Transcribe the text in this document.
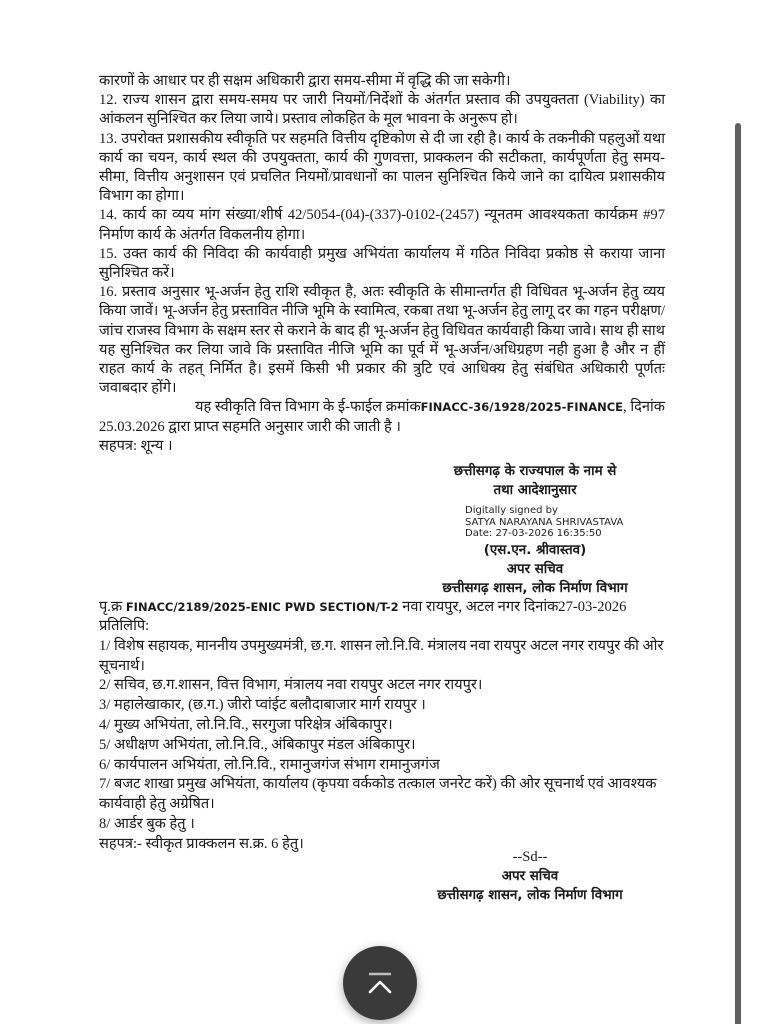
कारणों के आधार पर ही सक्षम अधिकारी द्वारा समय-सीमा में वृद्धि की जा सकेगी।

12. राज्य शासन द्वारा समय-समय पर जारी नियमों/निर्देशों के अंतर्गत प्रस्ताव की उपयुक्तता (Viability) का आंकलन सुनिश्चित कर लिया जाये। प्रस्ताव लोकहित के मूल भावना के अनुरूप हो।

13. उपरोक्त प्रशासकीय स्वीकृति पर सहमति वित्तीय दृष्टिकोण से दी जा रही है। कार्य के तकनीकी पहलुओं यथा कार्य का चयन, कार्य स्थल की उपयुक्तता, कार्य की गुणवत्ता, प्राक्कलन की सटीकता, कार्यपूर्णता हेतु समय-सीमा, वित्तीय अनुशासन एवं प्रचलित नियमों/प्रावधानों का पालन सुनिश्चित किये जाने का दायित्व प्रशासकीय विभाग का होगा।

14. कार्य का व्यय मांग संख्या/शीर्ष 42/5054-(04)-(337)-0102-(2457) न्यूनतम आवश्यकता कार्यक्रम #97 निर्माण कार्य के अंतर्गत विकलनीय होगा।

15. उक्त कार्य की निविदा की कार्यवाही प्रमुख अभियंता कार्यालय में गठित निविदा प्रकोष्ठ से कराया जाना सुनिश्चित करें।

16. प्रस्ताव अनुसार भू-अर्जन हेतु राशि स्वीकृत है, अतः स्वीकृति के सीमान्तर्गत ही विधिवत भू-अर्जन हेतु व्यय किया जावें। भू-अर्जन हेतु प्रस्तावित नीजि भूमि के स्वामित्व, रकबा तथा भू-अर्जन हेतु लागू दर का गहन परीक्षण/जांच राजस्व विभाग के सक्षम स्तर से कराने के बाद ही भू-अर्जन हेतु विधिवत कार्यवाही किया जावे। साथ ही साथ यह सुनिश्चित कर लिया जावे कि प्रस्तावित नीजि भूमि का पूर्व में भू-अर्जन/अधिग्रहण नही हुआ है और न हीं राहत कार्य के तहत् निर्मित है। इसमें किसी भी प्रकार की त्रुटि एवं आधिक्य हेतु संबंधित अधिकारी पूर्णतः जवाबदार होंगे।

यह स्वीकृति वित्त विभाग के ई-फाईल क्रमांकFINACC-36/1928/2025-FINANCE, दिनांक 25.03.2026 द्वारा प्राप्त सहमति अनुसार जारी की जाती है ।

सहपत्र: शून्य ।

छत्तीसगढ़ के राज्यपाल के नाम से
तथा आदेशानुसार
Digitally signed by
SATYA NARAYANA SHRIVASTAVA
Date: 27-03-2026 16:35:50
(एस.एन. श्रीवास्तव)
अपर सचिव
छत्तीसगढ़ शासन, लोक निर्माण विभाग
पृ.क्र FINACC/2189/2025-ENIC PWD SECTION/T-2 नवा रायपुर, अटल नगर दिनांक27-03-2026

प्रतिलिपि:

1/ विशेष सहायक, माननीय उपमुख्यमंत्री, छ.ग. शासन लो.नि.वि. मंत्रालय नवा रायपुर अटल नगर रायपुर की ओर सूचनार्थ।

2/ सचिव, छ.ग.शासन, वित्त विभाग, मंत्रालय नवा रायपुर अटल नगर रायपुर।

3/ महालेखाकार, (छ.ग.) जीरो प्वांईट बलौदाबाजार मार्ग रायपुर ।

4/ मुख्य अभियंता, लो.नि.वि., सरगुजा परिक्षेत्र अंबिकापुर।

5/ अधीक्षण अभियंता, लो.नि.वि., अंबिकापुर मंडल अंबिकापुर।

6/ कार्यपालन अभियंता, लो.नि.वि., रामानुजगंज संभाग रामानुजगंज

7/ बजट शाखा प्रमुख अभियंता, कार्यालय (कृपया वर्ककोड तत्काल जनरेट करें) की ओर सूचनार्थ एवं आवश्यक कार्यवाही हेतु अग्रेषित।

8/ आर्डर बुक हेतु ।

सहपत्र:- स्वीकृत प्राक्कलन स.क्र. 6 हेतु।

--Sd--
अपर सचिव
छत्तीसगढ़ शासन, लोक निर्माण विभाग
